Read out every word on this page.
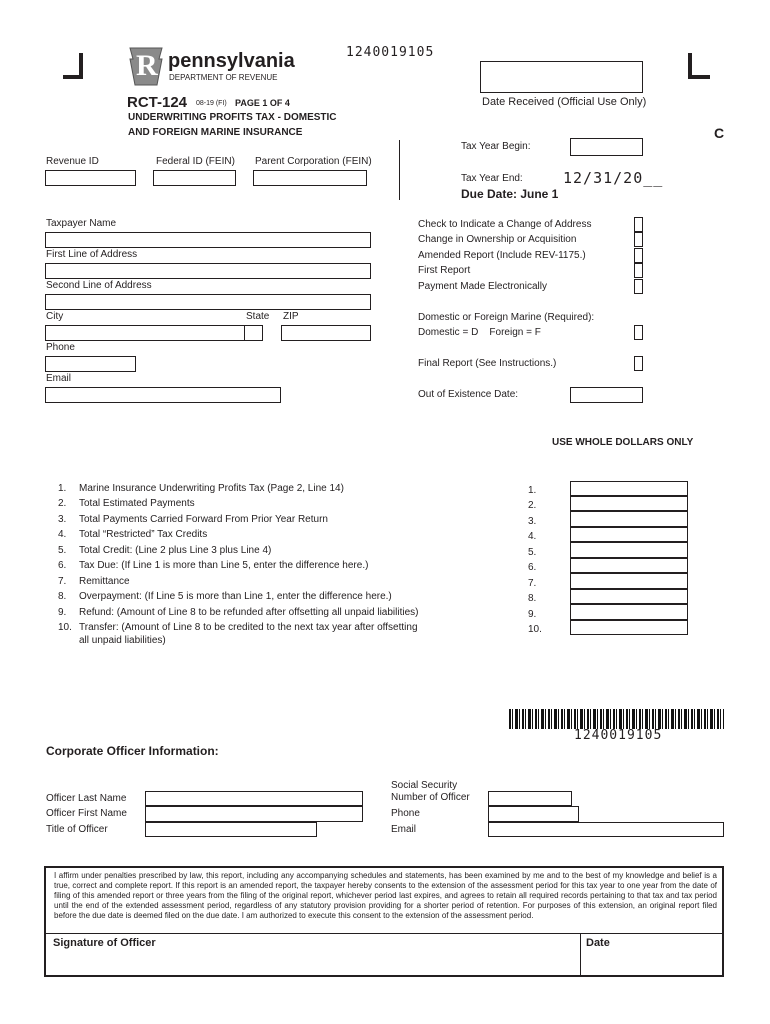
R pennsylvania
DEPARTMENT OF REVENUE
1240019105
Date Received (Official Use Only)
RCT-124 08-19 (FI) PAGE 1 OF 4
UNDERWRITING PROFITS TAX - DOMESTIC
AND FOREIGN MARINE INSURANCE	C
Revenue ID	Federal ID (FEIN) Parent Corporation (FEIN)
Tax Year Begin:
Tax Year End:	12/31/20__
Due Date: June 1
Taxpayer Name
First Line of Address
Second Line of Address
City	State ZIP
Phone
Email
Check to Indicate a Change of Address
Change in Ownership or Acquisition
Amended Report (Include REV-1175.)
First Report
Payment Made Electronically
Domestic or Foreign Marine (Required):
Domestic = D    Foreign = F
Final Report (See Instructions.)
Out of Existence Date:
USE WHOLE DOLLARS ONLY
1. Marine Insurance Underwriting Profits Tax (Page 2, Line 14)	1.
2. Total Estimated Payments	2.
3. Total Payments Carried Forward From Prior Year Return	3.
4. Total “Restricted” Tax Credits	4.
5. Total Credit: (Line 2 plus Line 3 plus Line 4)	5.
6. Tax Due: (If Line 1 is more than Line 5, enter the difference here.)	6.
7. Remittance	7.
8. Overpayment: (If Line 5 is more than Line 1, enter the difference here.)	8.
9. Refund: (Amount of Line 8 to be refunded after offsetting all unpaid liabilities)	9.
10. Transfer: (Amount of Line 8 to be credited to the next tax year after offsetting	10.
all unpaid liabilities)
1240019105
Corporate Officer Information:
Officer Last Name
Officer First Name
Title of Officer
Social Security
Number of Officer
Phone
Email
I affirm under penalties prescribed by law, this report, including any accompanying schedules and statements, has been examined by me and to the best of my knowledge and belief is a true, correct and complete report. If this report is an amended report, the taxpayer hereby consents to the extension of the assessment period for this tax year to one year from the date of filing of this amended report or three years from the filing of the original report, whichever period last expires, and agrees to retain all required records pertaining to that tax and tax period until the end of the extended assessment period, regardless of any statutory provision providing for a shorter period of retention. For purposes of this extension, an original report filed before the due date is deemed filed on the due date. I am authorized to execute this consent to the extension of the assessment period.
Signature of Officer	Date
